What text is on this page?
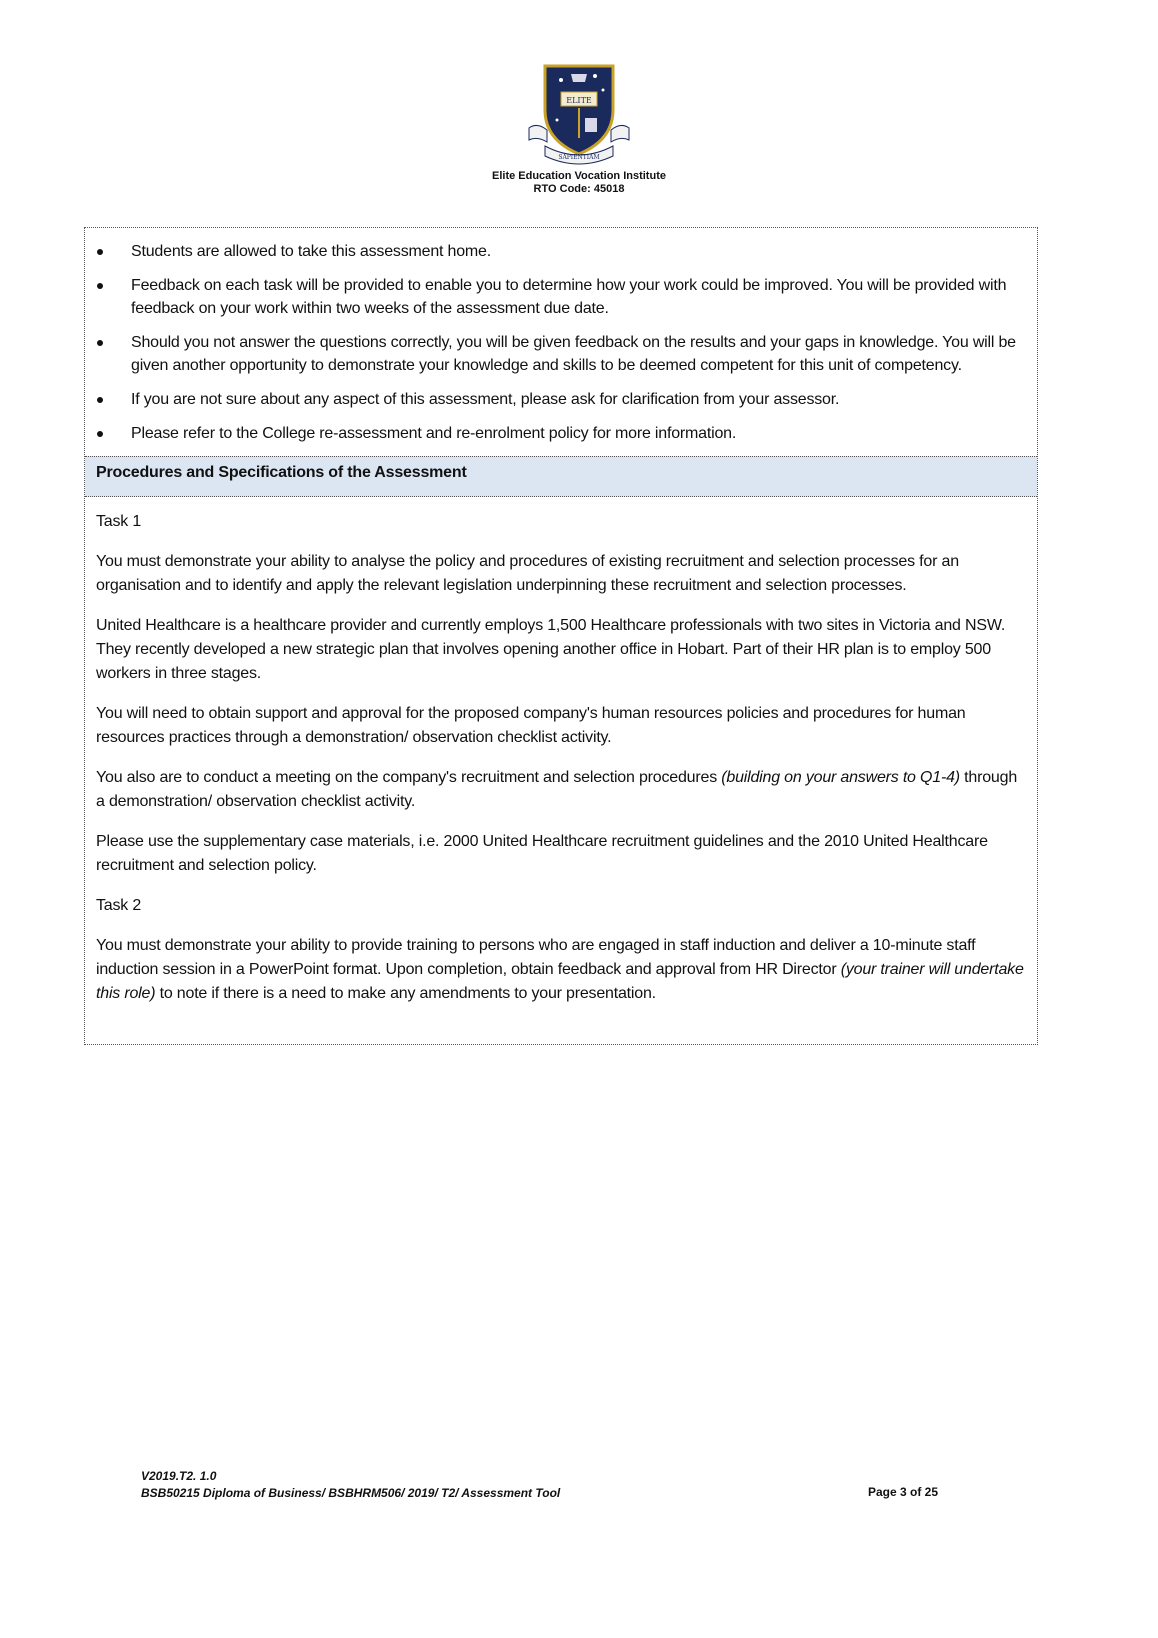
ELITE
SAPIENTIAM
Elite Education Vocation Institute
RTO Code: 45018
Students are allowed to take this assessment home.
Feedback on each task will be provided to enable you to determine how your work could be improved. You will be provided with feedback on your work within two weeks of the assessment due date.
Should you not answer the questions correctly, you will be given feedback on the results and your gaps in knowledge. You will be given another opportunity to demonstrate your knowledge and skills to be deemed competent for this unit of competency.
If you are not sure about any aspect of this assessment, please ask for clarification from your assessor.
Please refer to the College re-assessment and re-enrolment policy for more information.
Procedures and Specifications of the Assessment

Task 1

You must demonstrate your ability to analyse the policy and procedures of existing recruitment and selection processes for an organisation and to identify and apply the relevant legislation underpinning these recruitment and selection processes.

United Healthcare is a healthcare provider and currently employs 1,500 Healthcare professionals with two sites in Victoria and NSW. They recently developed a new strategic plan that involves opening another office in Hobart. Part of their HR plan is to employ 500 workers in three stages.

You will need to obtain support and approval for the proposed company's human resources policies and procedures for human resources practices through a demonstration/ observation checklist activity.

You also are to conduct a meeting on the company's recruitment and selection procedures (building on your answers to Q1-4) through a demonstration/ observation checklist activity.

Please use the supplementary case materials, i.e. 2000 United Healthcare recruitment guidelines and the 2010 United Healthcare recruitment and selection policy.

Task 2

You must demonstrate your ability to provide training to persons who are engaged in staff induction and deliver a 10-minute staff induction session in a PowerPoint format. Upon completion, obtain feedback and approval from HR Director (your trainer will undertake this role) to note if there is a need to make any amendments to your presentation.

V2019.T2. 1.0
BSB50215 Diploma of Business/ BSBHRM506/ 2019/ T2/ Assessment Tool	Page 3 of 25
